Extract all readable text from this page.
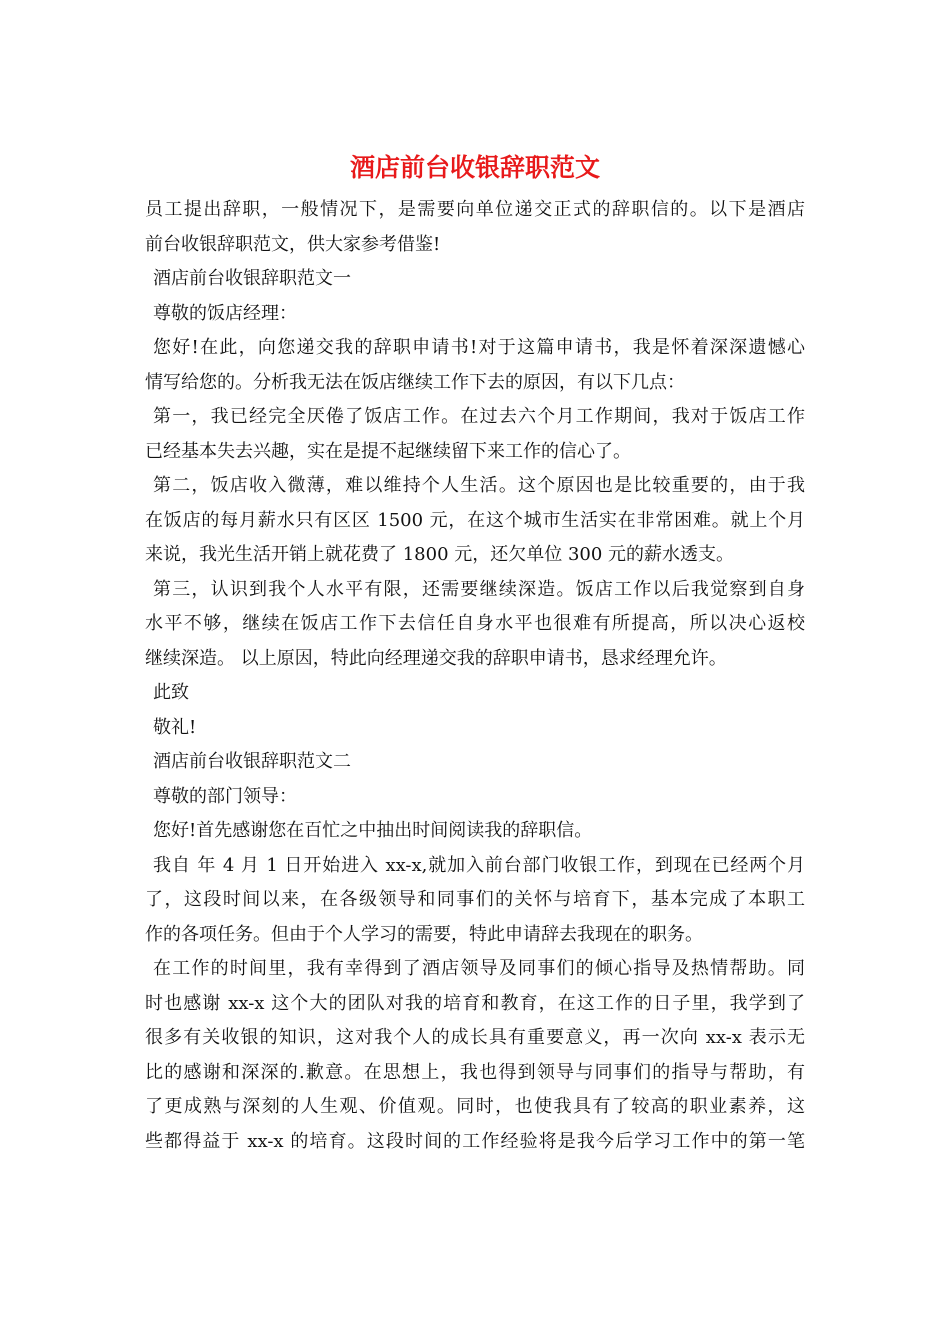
酒店前台收银辞职范文
员工提出辞职，一般情况下，是需要向单位递交正式的辞职信的。以下是酒店
前台收银辞职范文，供大家参考借鉴!
酒店前台收银辞职范文一
尊敬的饭店经理：
您好!在此，向您递交我的辞职申请书!对于这篇申请书，我是怀着深深遗憾心
情写给您的。分析我无法在饭店继续工作下去的原因，有以下几点：
第一，我已经完全厌倦了饭店工作。在过去六个月工作期间，我对于饭店工作
已经基本失去兴趣，实在是提不起继续留下来工作的信心了。
第二，饭店收入微薄，难以维持个人生活。这个原因也是比较重要的，由于我
在饭店的每月薪水只有区区 1500 元，在这个城市生活实在非常困难。就上个月
来说，我光生活开销上就花费了 1800 元，还欠单位 300 元的薪水透支。
第三，认识到我个人水平有限，还需要继续深造。饭店工作以后我觉察到自身
水平不够，继续在饭店工作下去信任自身水平也很难有所提高，所以决心返校
继续深造。 以上原因，特此向经理递交我的辞职申请书，恳求经理允许。
此致
敬礼!
酒店前台收银辞职范文二
尊敬的部门领导：
您好!首先感谢您在百忙之中抽出时间阅读我的辞职信。
我自 年 4 月 1 日开始进入 xx-x,就加入前台部门收银工作，到现在已经两个月
了，这段时间以来，在各级领导和同事们的关怀与培育下，基本完成了本职工
作的各项任务。但由于个人学习的需要，特此申请辞去我现在的职务。
在工作的时间里，我有幸得到了酒店领导及同事们的倾心指导及热情帮助。同
时也感谢 xx-x 这个大的团队对我的培育和教育，在这工作的日子里，我学到了
很多有关收银的知识，这对我个人的成长具有重要意义，再一次向 xx-x 表示无
比的感谢和深深的.歉意。在思想上，我也得到领导与同事们的指导与帮助，有
了更成熟与深刻的人生观、价值观。同时，也使我具有了较高的职业素养，这
些都得益于 xx-x 的培育。这段时间的工作经验将是我今后学习工作中的第一笔
